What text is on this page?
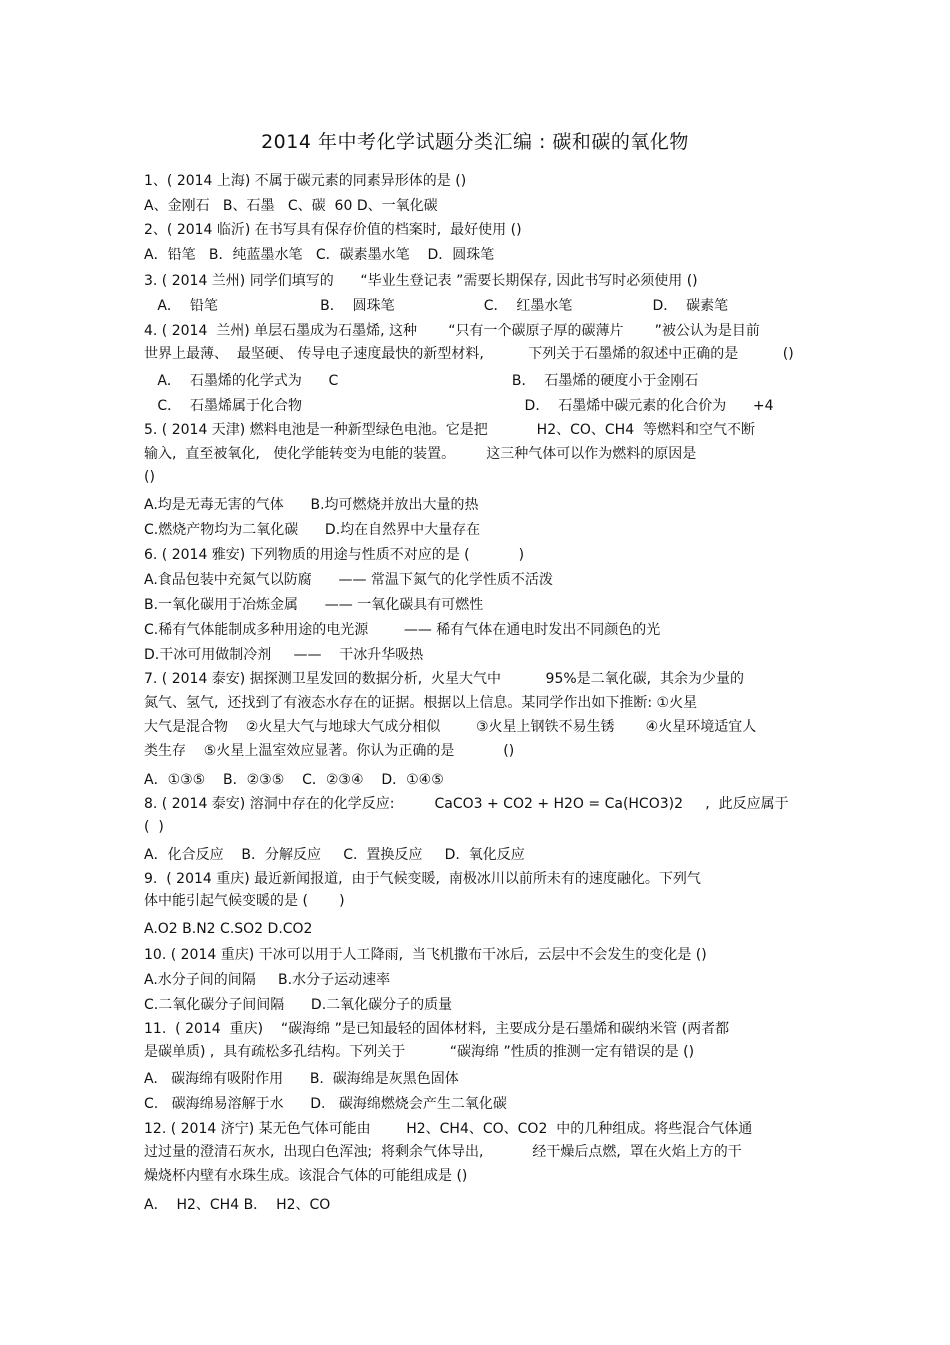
2014 年中考化学试题分类汇编 : 碳和碳的氧化物
1、( 2014 上海) 不属于碳元素的同素异形体的是 ()
A、金刚石   B、石墨   C、碳  60 D、一氧化碳
2、( 2014 临沂) 在书写具有保存价值的档案时,  最好使用 ()
A．铅笔   B．纯蓝墨水笔   C．碳素墨水笔    D．圆珠笔
3. ( 2014 兰州) 同学们填写的      “毕业生登记表 ”需要长期保存, 因此书写时必须使用 ()
A．  铅笔                       B．  圆珠笔                    C．  红墨水笔                  D．  碳素笔
4. ( 2014  兰州) 单层石墨成为石墨烯, 这种       “只有一个碳原子厚的碳薄片       ”被公认为是目前
世界上最薄、  最坚硬、 传导电子速度最快的新型材料,          下列关于石墨烯的叙述中正确的是          ()
A．  石墨烯的化学式为      C                                       B．  石墨烯的硬度小于金刚石
C．  石墨烯属于化合物                                                  D．  石墨烯中碳元素的化合价为      +4
5. ( 2014 天津) 燃料电池是一种新型绿色电池。它是把           H2、CO、CH4  等燃料和空气不断
输入,  直至被氧化,   使化学能转变为电能的装置。       这三种气体可以作为燃料的原因是
()
A.均是无毒无害的气体      B.均可燃烧并放出大量的热
C.燃烧产物均为二氧化碳      D.均在自然界中大量存在
6. ( 2014 雅安) 下列物质的用途与性质不对应的是 (           )
A.食品包装中充氮气以防腐      —— 常温下氮气的化学性质不活泼
B.一氧化碳用于冶炼金属      —— 一氧化碳具有可燃性
C.稀有气体能制成多种用途的电光源        —— 稀有气体在通电时发出不同颜色的光
D.干冰可用做制冷剂     ——    干冰升华吸热
7. ( 2014 泰安) 据探测卫星发回的数据分析,  火星大气中          95%是二氧化碳,  其余为少量的
氮气、氢气,  还找到了有液态水存在的证据。根据以上信息。某同学作出如下推断: ①火星
大气是混合物    ②火星大气与地球大气成分相似        ③火星上钢铁不易生锈       ④火星环境适宜人
类生存    ⑤火星上温室效应显著。你认为正确的是           ()
A．①③⑤    B．②③⑤    C．②③④    D．①④⑤
8. ( 2014 泰安) 溶洞中存在的化学反应:         CaCO3 + CO2 + H2O = Ca(HCO3)2     ,  此反应属于
(  )
A．化合反应    B．分解反应     C.  置换反应     D.  氧化反应
9.  ( 2014 重庆) 最近新闻报道,  由于气候变暖,  南极冰川以前所未有的速度融化。下列气
体中能引起气候变暖的是 (       )
A.O2 B.N2 C.SO2 D.CO2
10. ( 2014 重庆) 干冰可以用于人工降雨,  当飞机撒布干冰后,  云层中不会发生的变化是 ()
A.水分子间的间隔     B.水分子运动速率
C.二氧化碳分子间间隔      D.二氧化碳分子的质量
11.  ( 2014  重庆)    “碳海绵 ”是已知最轻的固体材料,  主要成分是石墨烯和碳纳米管 (两者都
是碳单质) ,  具有疏松多孔结构。下列关于          “碳海绵 ”性质的推测一定有错误的是 ()
A.   碳海绵有吸附作用      B.  碳海绵是灰黑色固体
C.   碳海绵易溶解于水      D.   碳海绵燃烧会产生二氧化碳
12. ( 2014 济宁) 某无色气体可能由        H2、CH4、CO、CO2  中的几种组成。将些混合气体通
过过量的澄清石灰水,  出现白色浑浊;  将剩余气体导出,           经干燥后点燃,  罩在火焰上方的干
燥烧杯内壁有水珠生成。该混合气体的可能组成是 ()
A．  H2、CH4 B．  H2、CO
